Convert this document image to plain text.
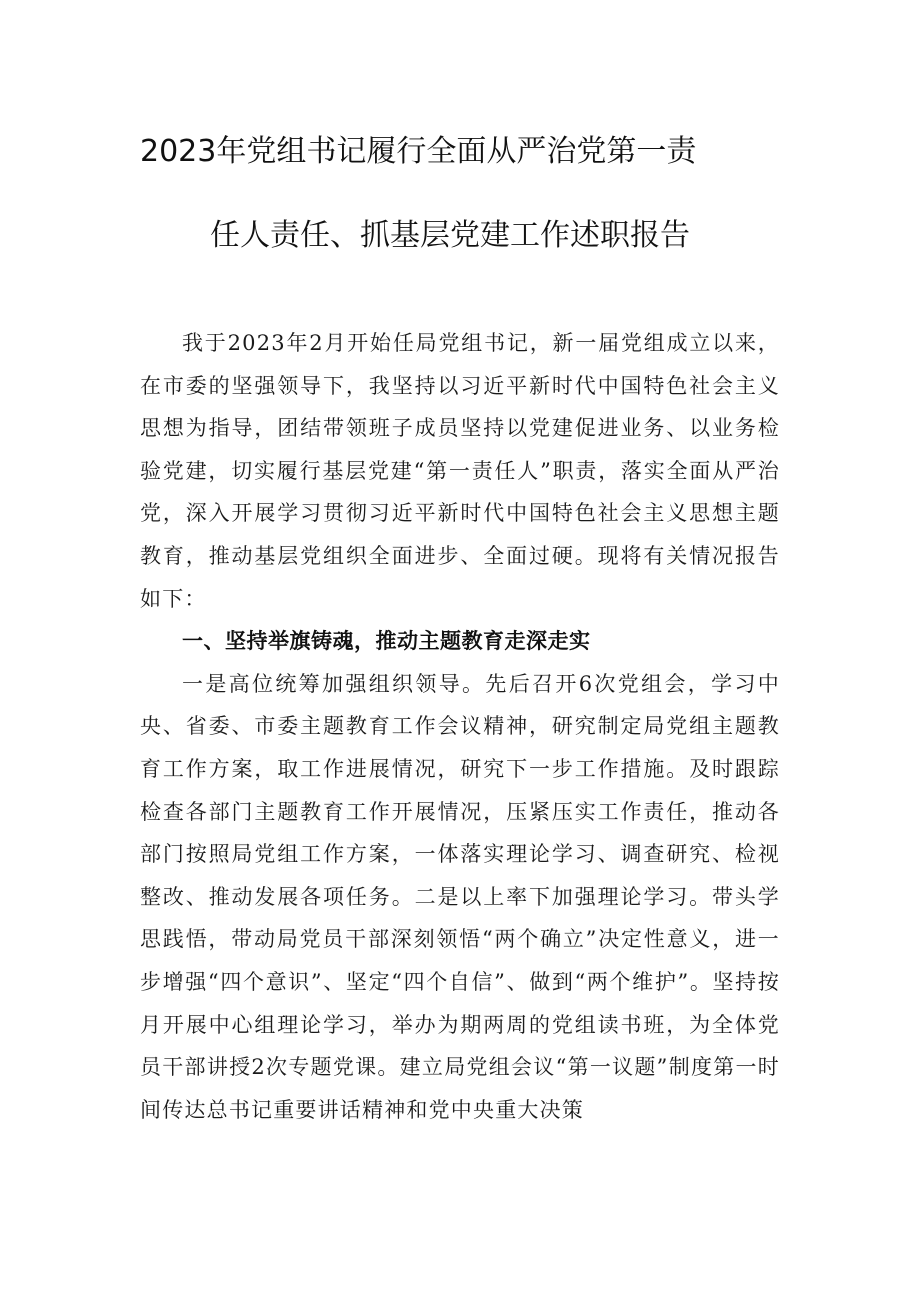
2023年党组书记履行全面从严治党第一责
任人责任、抓基层党建工作述职报告

我于2023年2月开始任局党组书记，新一届党组成立以来，在市委的坚强领导下，我坚持以习近平新时代中国特色社会主义思想为指导，团结带领班子成员坚持以党建促进业务、以业务检验党建，切实履行基层党建“第一责任人”职责，落实全面从严治党，深入开展学习贯彻习近平新时代中国特色社会主义思想主题教育，推动基层党组织全面进步、全面过硬。现将有关情况报告如下：

一、坚持举旗铸魂，推动主题教育走深走实

一是高位统筹加强组织领导。先后召开6次党组会，学习中央、省委、市委主题教育工作会议精神，研究制定局党组主题教育工作方案，取工作进展情况，研究下一步工作措施。及时跟踪检查各部门主题教育工作开展情况，压紧压实工作责任，推动各部门按照局党组工作方案，一体落实理论学习、调查研究、检视整改、推动发展各项任务。二是以上率下加强理论学习。带头学思践悟，带动局党员干部深刻领悟“两个确立”决定性意义，进一步增强“四个意识”、坚定“四个自信”、做到“两个维护”。坚持按月开展中心组理论学习，举办为期两周的党组读书班，为全体党员干部讲授2次专题党课。建立局党组会议“第一议题”制度第一时间传达总书记重要讲话精神和党中央重大决策
